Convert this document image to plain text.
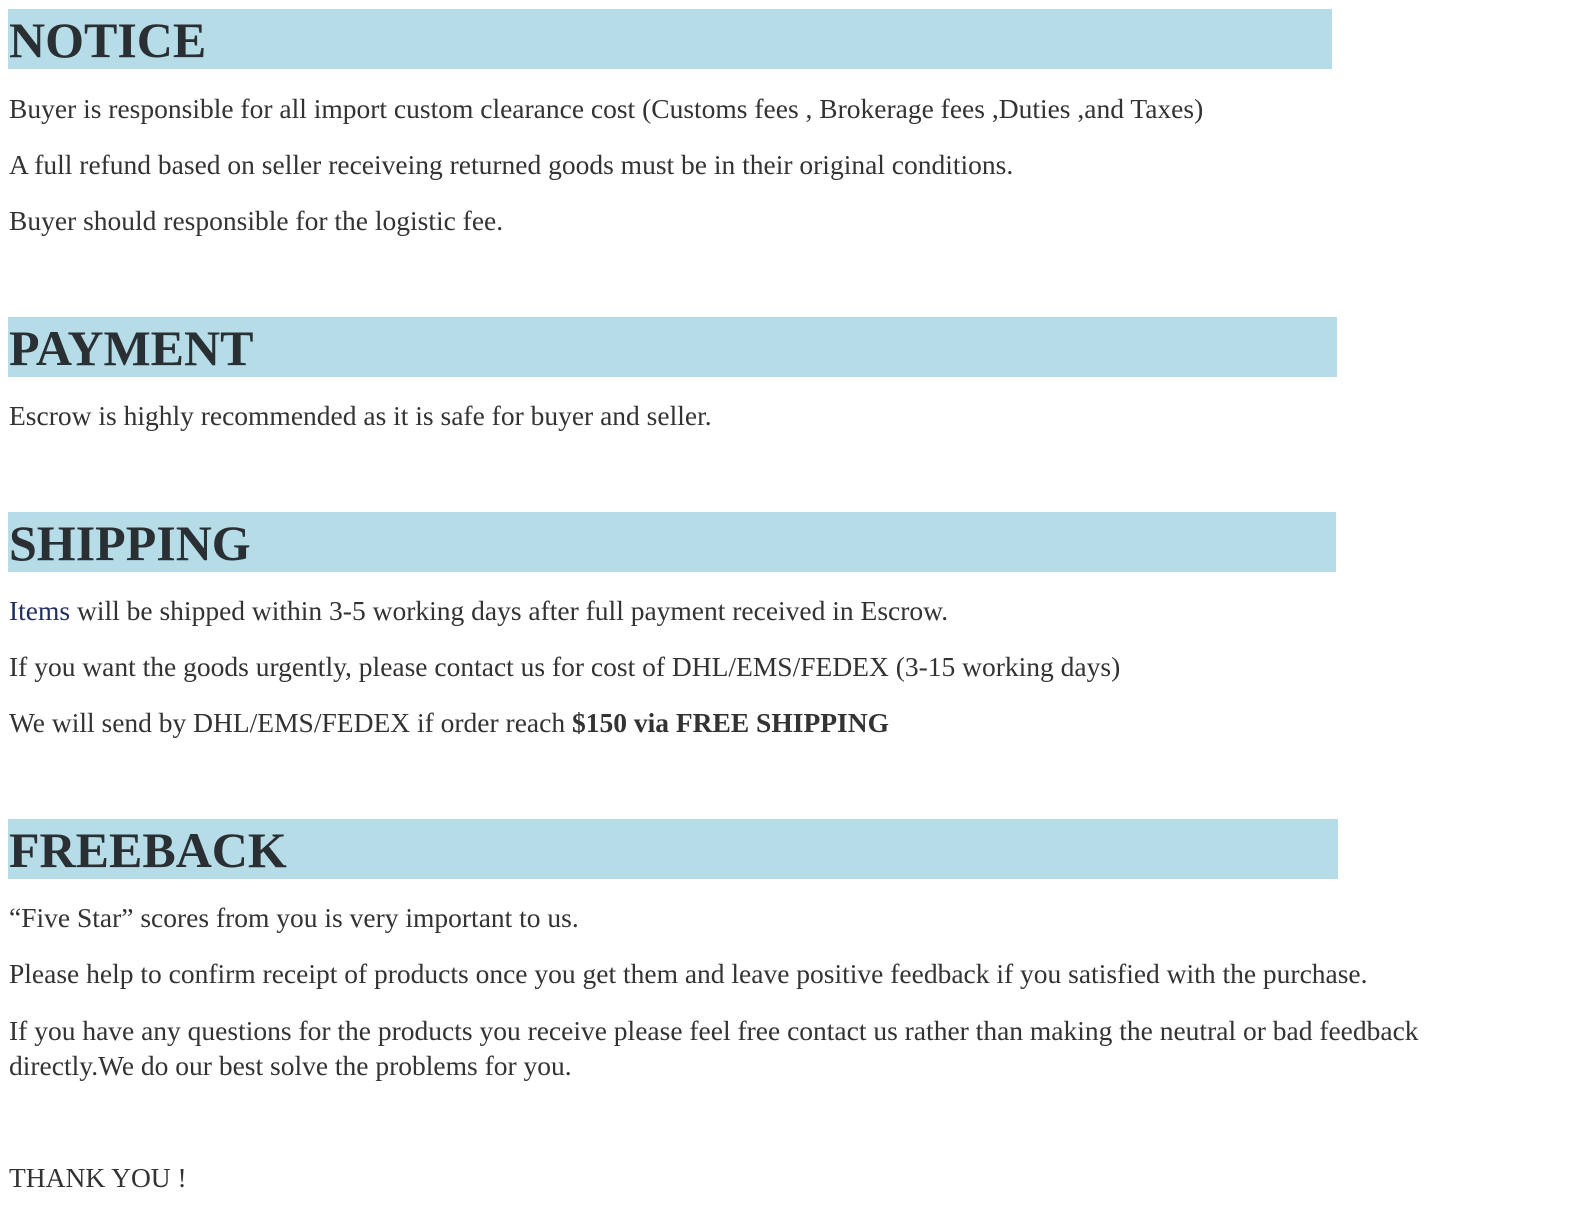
NOTICE

Buyer is responsible for all import custom clearance cost (Customs fees , Brokerage fees ,Duties ,and Taxes)

A full refund based on seller receiveing returned goods must be in their original conditions.

Buyer should responsible for the logistic fee.

PAYMENT

Escrow is highly recommended as it is safe for buyer and seller.

SHIPPING

Items will be shipped within 3-5 working days after full payment received in Escrow.

If you want the goods urgently, please contact us for cost of DHL/EMS/FEDEX (3-15 working days)

We will send by DHL/EMS/FEDEX if order reach $150 via FREE SHIPPING

FREEBACK

“Five Star” scores from you is very important to us.

Please help to confirm receipt of products once you get them and leave positive feedback if you satisfied with the purchase.

If you have any questions for the products you receive please feel free contact us rather than making the neutral or bad feedback

directly.We do our best solve the problems for you.

THANK YOU !
